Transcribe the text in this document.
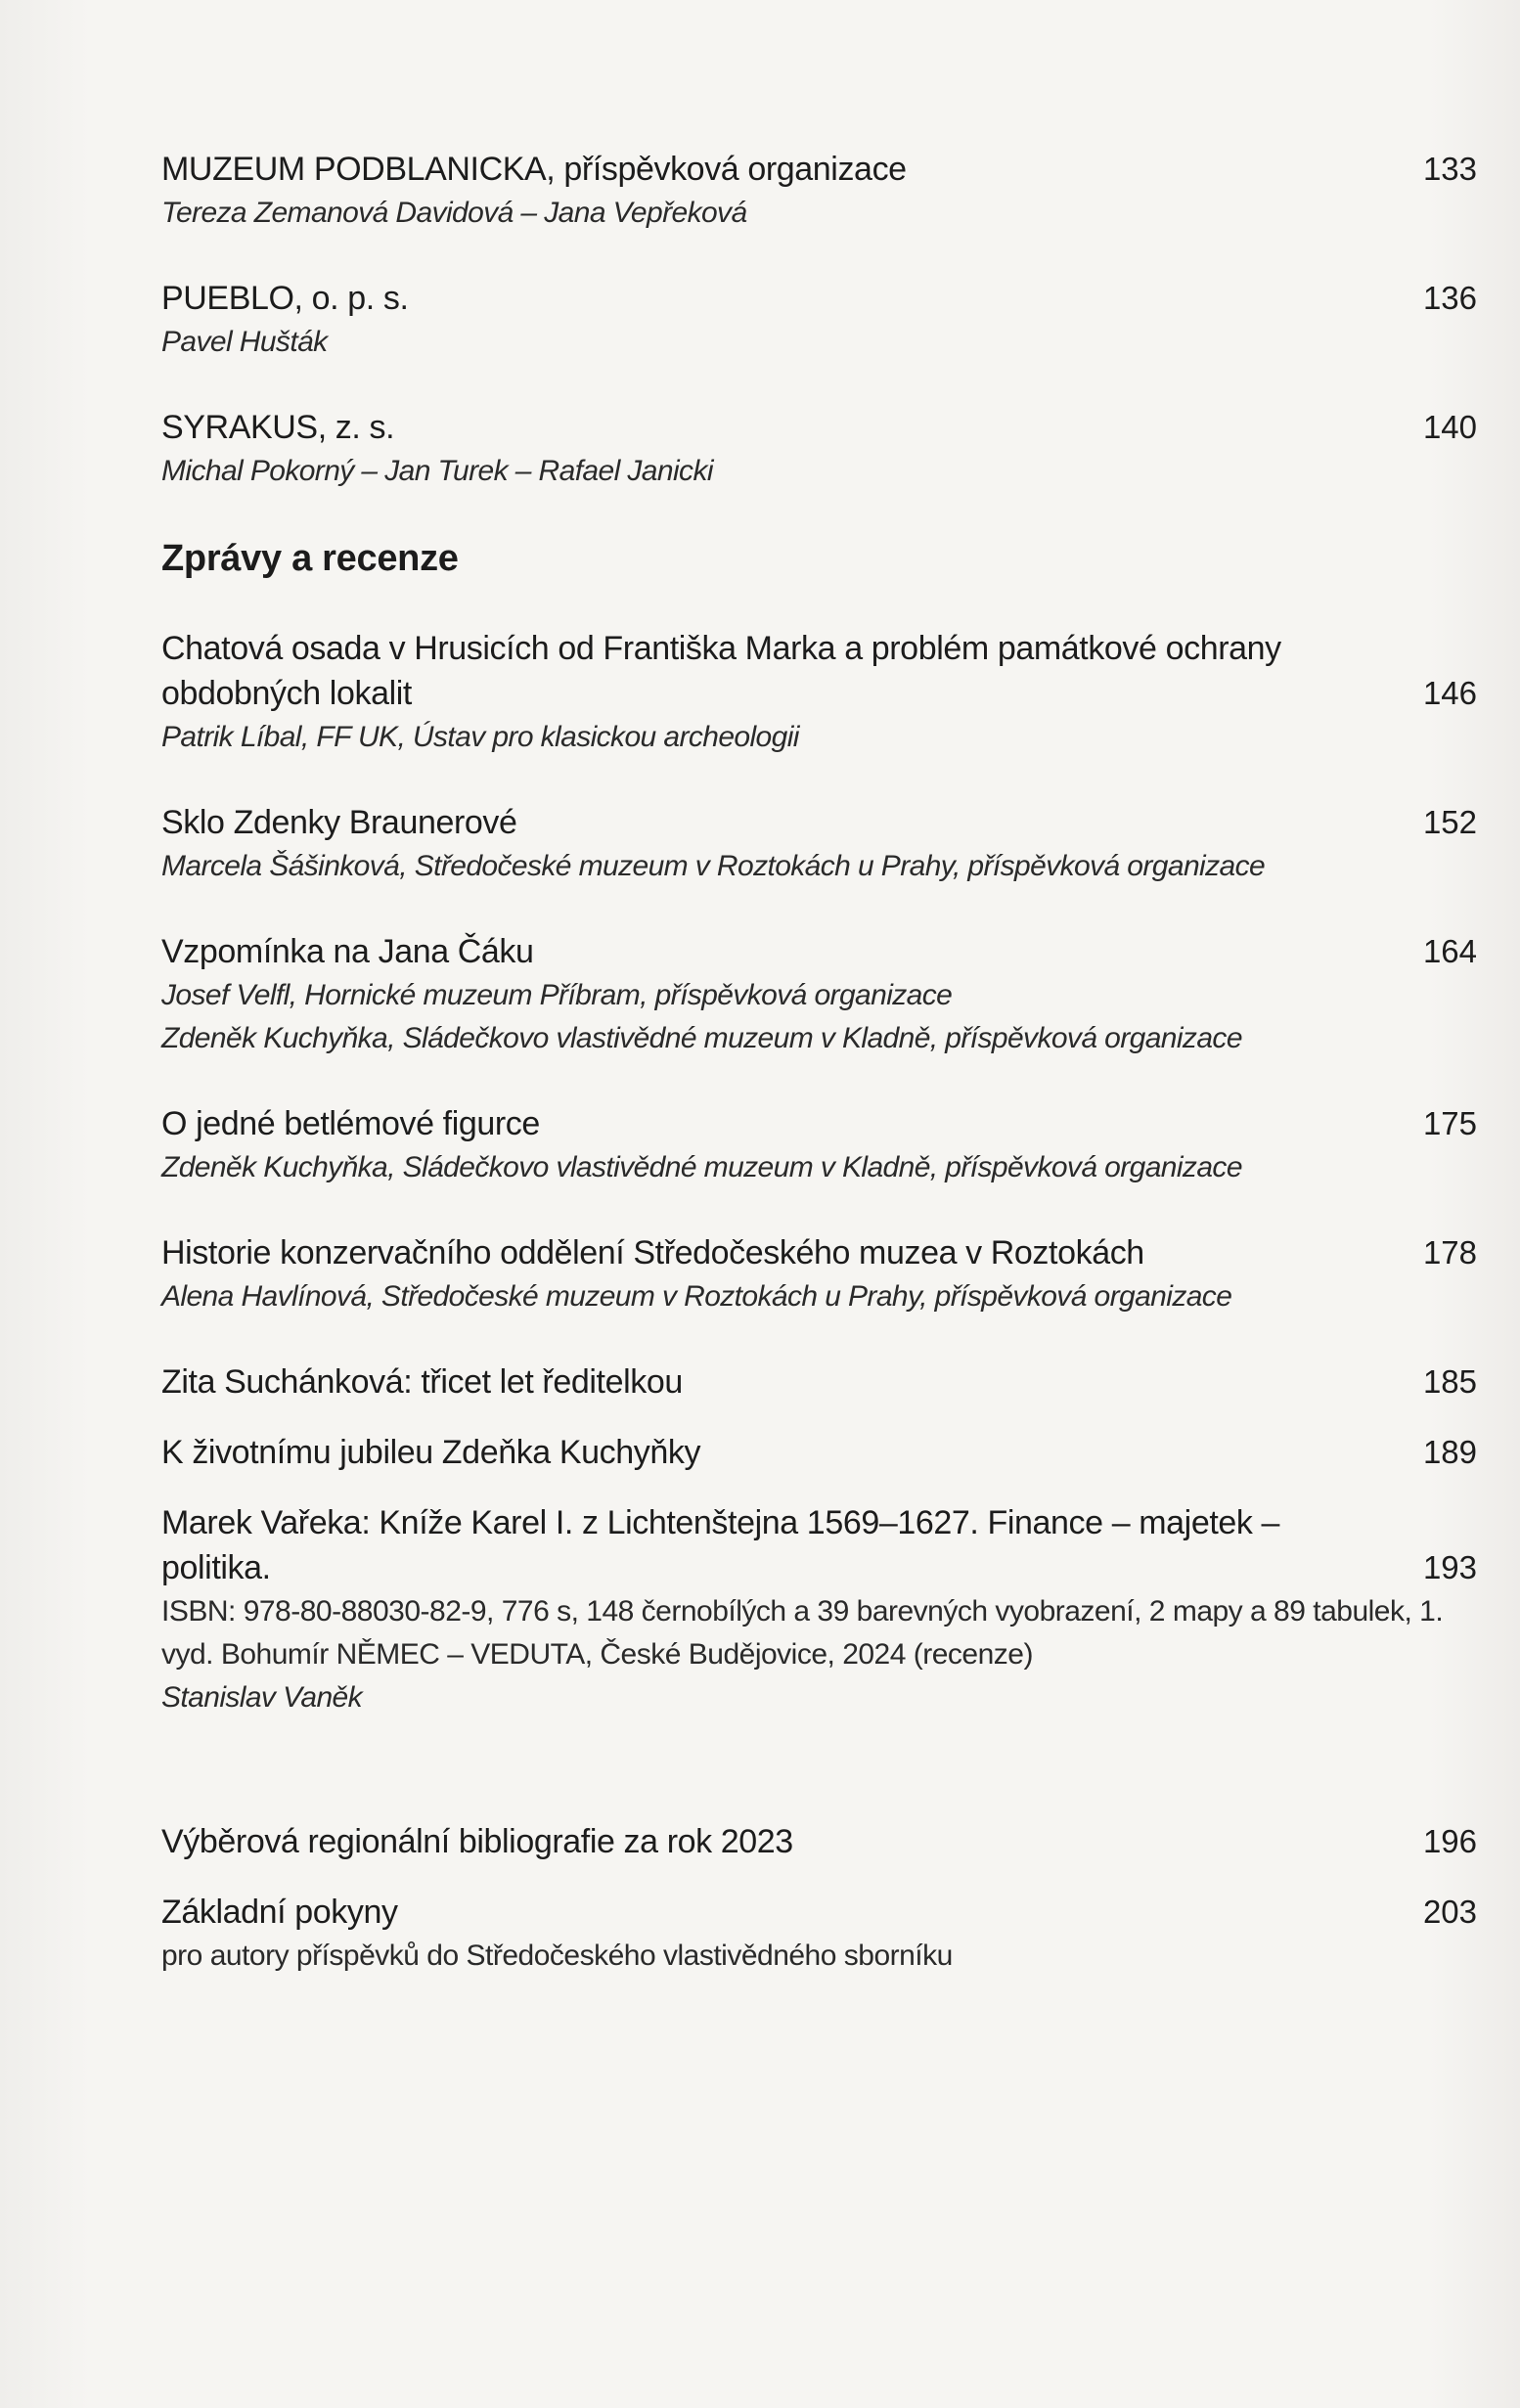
MUZEUM PODBLANICKA, příspěvková organizace	133
Tereza Zemanová Davidová – Jana Vepřeková
PUEBLO, o. p. s.	136
Pavel Hušták
SYRAKUS, z. s.	140
Michal Pokorný – Jan Turek – Rafael Janicki
Zprávy a recenze
Chatová osada v Hrusicích od Františka Marka a problém památkové ochrany obdobných lokalit	146
Patrik Líbal, FF UK, Ústav pro klasickou archeologii
Sklo Zdenky Braunerové	152
Marcela Šášinková, Středočeské muzeum v Roztokách u Prahy, příspěvková organizace
Vzpomínka na Jana Čáku	164
Josef Velfl, Hornické muzeum Příbram, příspěvková organizace
Zdeněk Kuchyňka, Sládečkovo vlastivědné muzeum v Kladně, příspěvková organizace
O jedné betlémové figurce	175
Zdeněk Kuchyňka, Sládečkovo vlastivědné muzeum v Kladně, příspěvková organizace
Historie konzervačního oddělení Středočeského muzea v Roztokách	178
Alena Havlínová, Středočeské muzeum v Roztokách u Prahy, příspěvková organizace
Zita Suchánková: třicet let ředitelkou	185
K životnímu jubileu Zdeňka Kuchyňky	189
Marek Vařeka: Kníže Karel I. z Lichtenštejna 1569–1627. Finance – majetek – politika.	193
ISBN: 978-80-88030-82-9, 776 s, 148 černobílých a 39 barevných vyobrazení, 2 mapy a 89 tabulek, 1. vyd. Bohumír NĚMEC – VEDUTA, České Budějovice, 2024 (recenze)
Stanislav Vaněk
Výběrová regionální bibliografie za rok 2023	196
Základní pokyny	203
pro autory příspěvků do Středočeského vlastivědného sborníku
